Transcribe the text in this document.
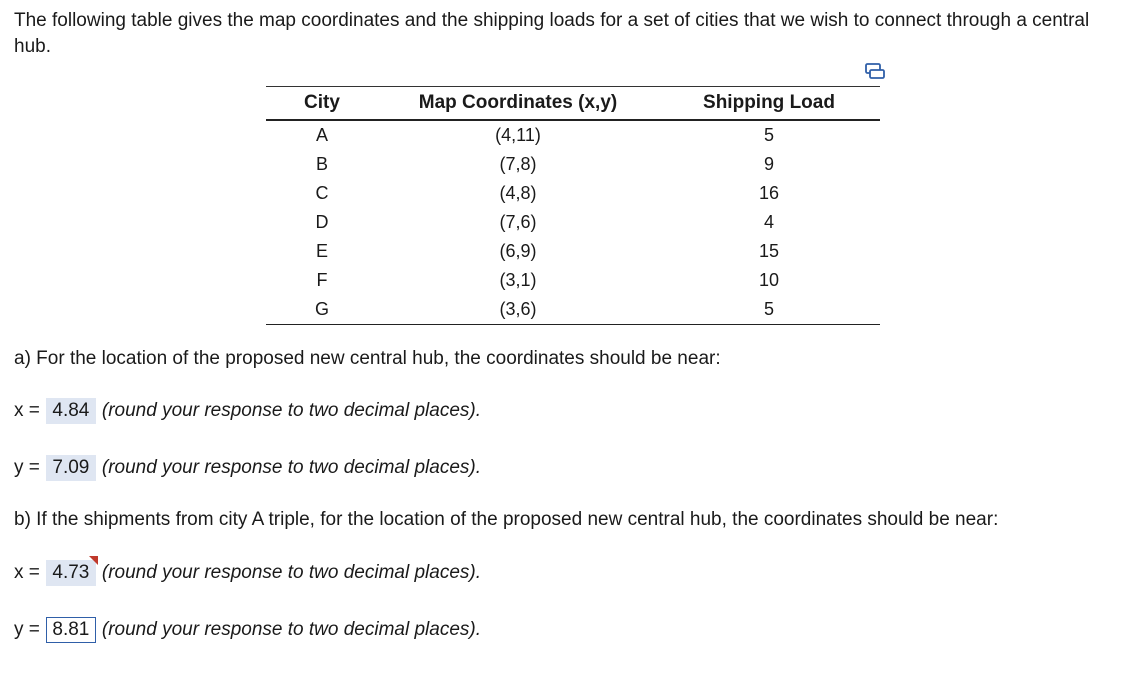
The following table gives the map coordinates and the shipping loads for a set of cities that we wish to connect through a central hub.
City	Map Coordinates (x,y)	Shipping Load
A	(4,11)	5
B	(7,8)	9
C	(4,8)	16
D	(7,6)	4
E	(6,9)	15
F	(3,1)	10
G	(3,6)	5
a) For the location of the proposed new central hub, the coordinates should be near:
x = 4.84 (round your response to two decimal places).
y = 7.09 (round your response to two decimal places).
b) If the shipments from city A triple, for the location of the proposed new central hub, the coordinates should be near:
x = 4.73 (round your response to two decimal places).
y = 8.81 (round your response to two decimal places).
